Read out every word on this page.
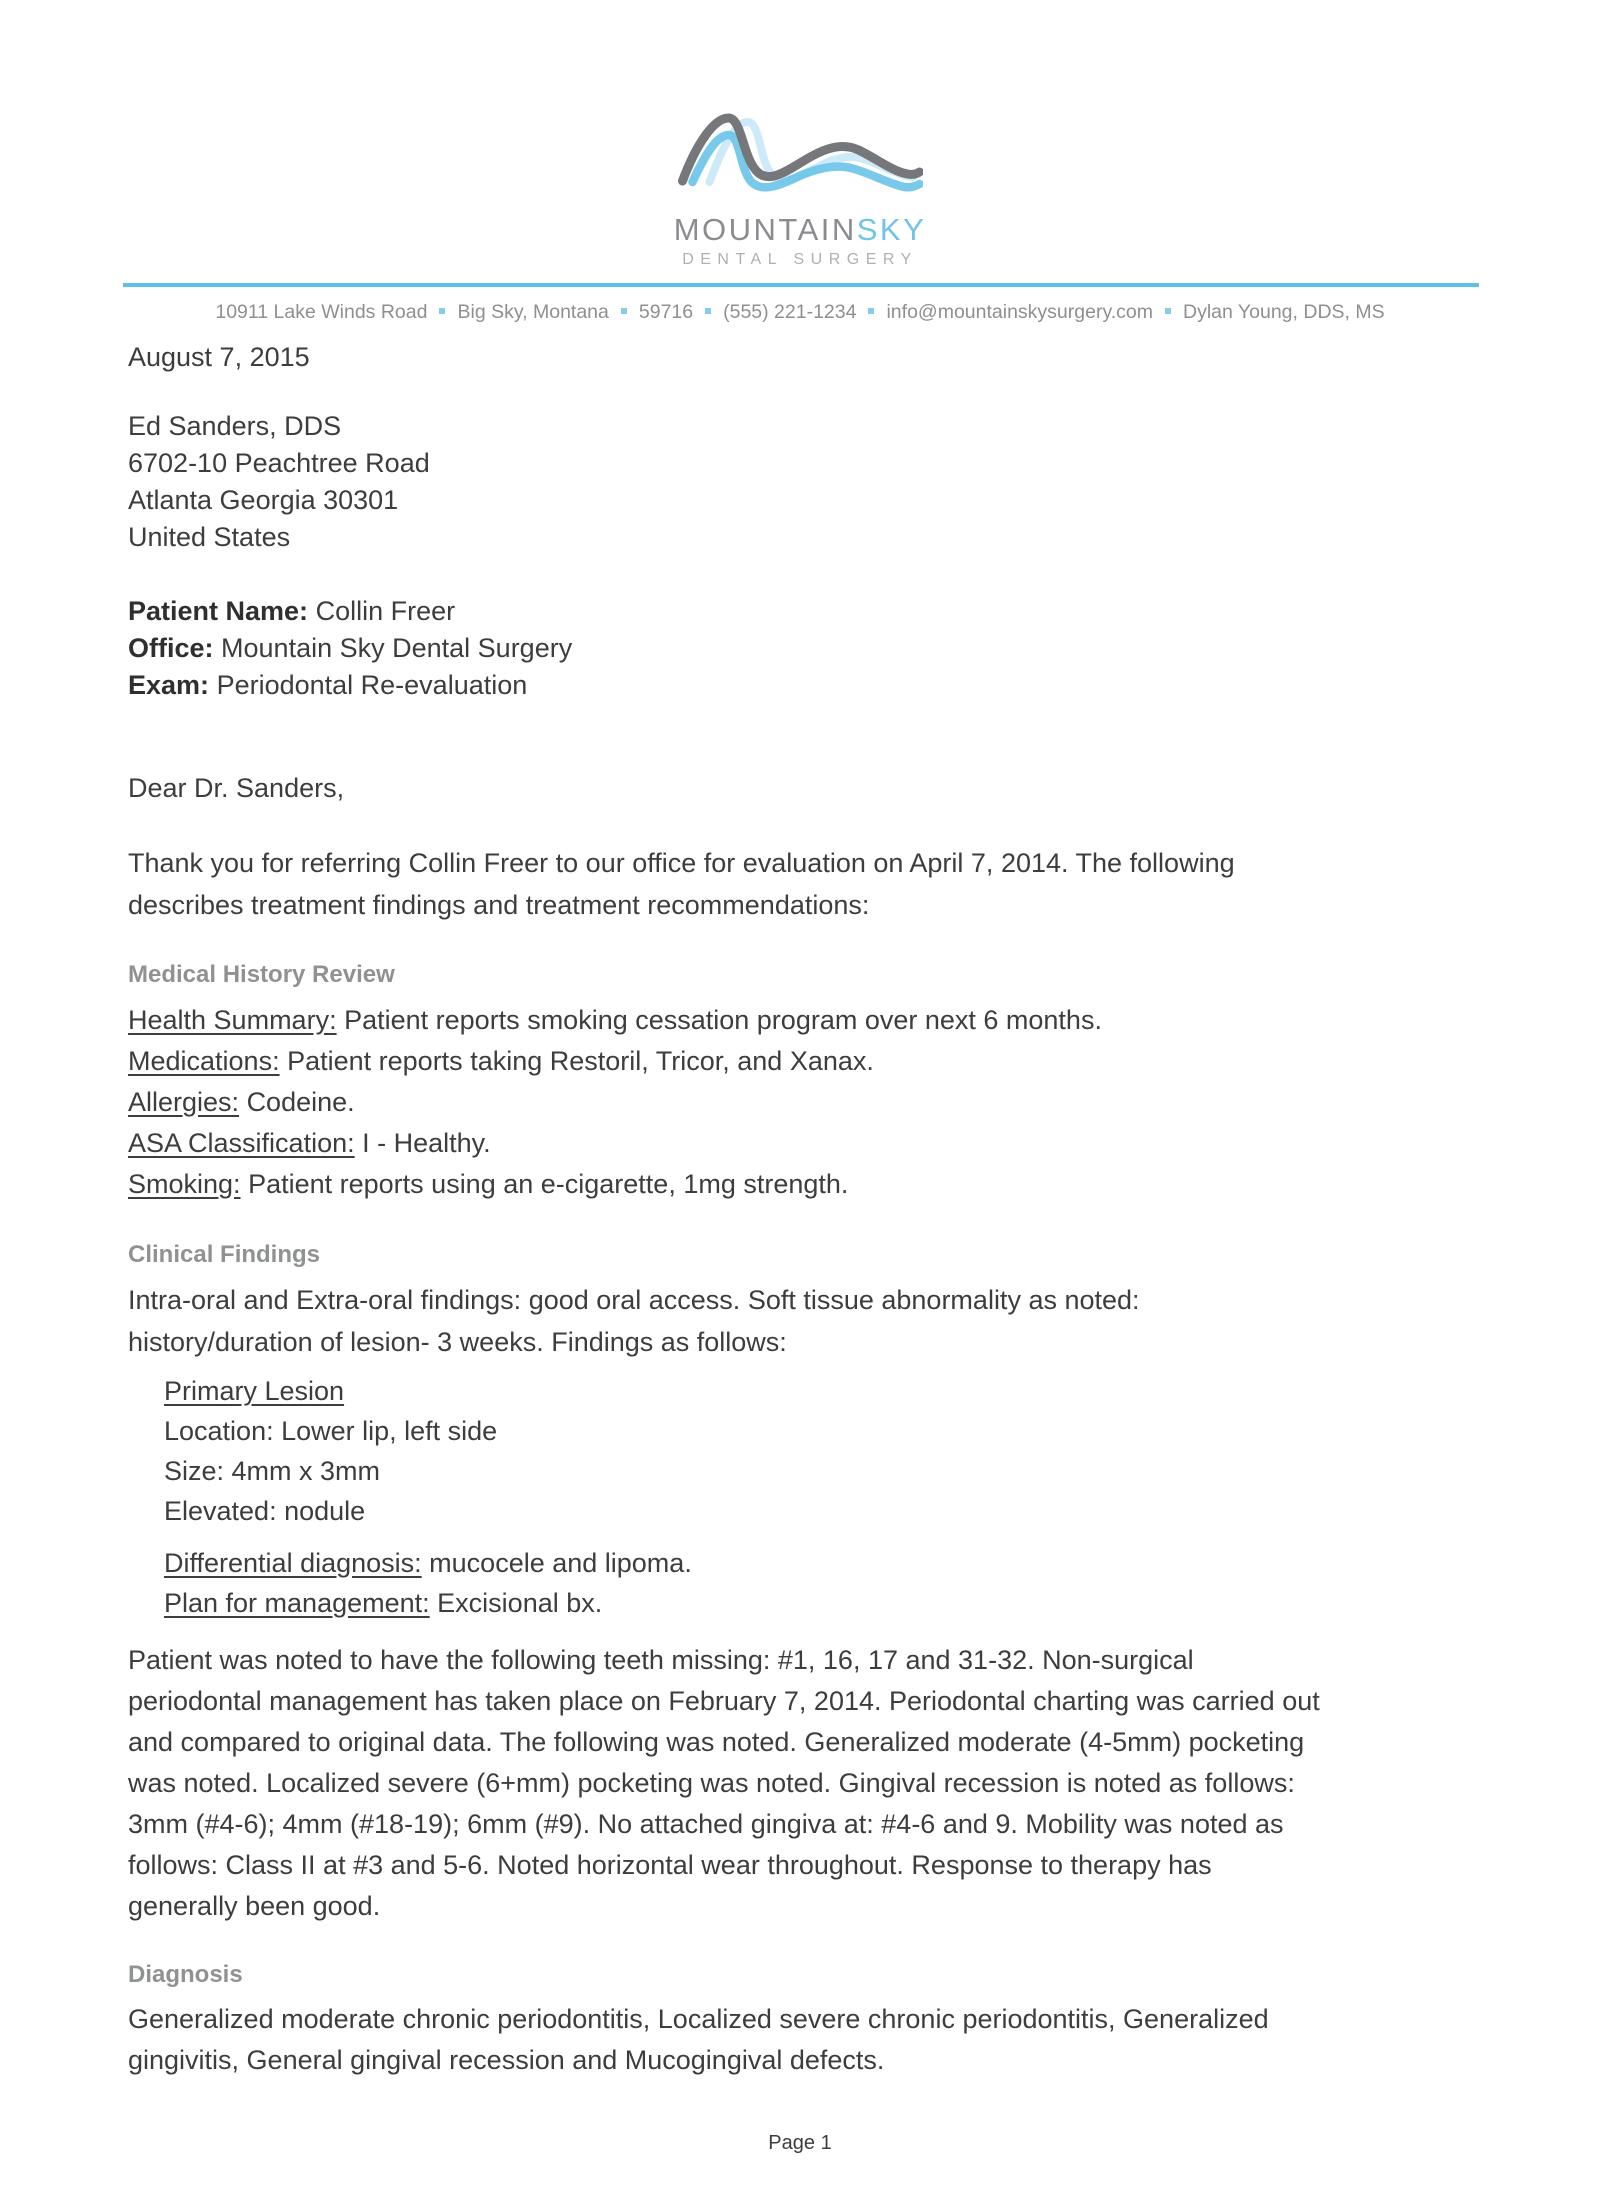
MOUNTAINSKY
DENTAL SURGERY
10911 Lake Winds Road Big Sky, Montana 59716 (555) 221-1234 info@mountainskysurgery.com Dylan Young, DDS, MS
August 7, 2015
Ed Sanders, DDS
6702-10 Peachtree Road
Atlanta Georgia 30301
United States
Patient Name: Collin Freer
Office: Mountain Sky Dental Surgery
Exam: Periodontal Re-evaluation
Dear Dr. Sanders,
Thank you for referring Collin Freer to our office for evaluation on April 7, 2014. The following
describes treatment findings and treatment recommendations:
Medical History Review
Health Summary: Patient reports smoking cessation program over next 6 months.
Medications: Patient reports taking Restoril, Tricor, and Xanax.
Allergies: Codeine.
ASA Classification: I - Healthy.
Smoking: Patient reports using an e-cigarette, 1mg strength.
Clinical Findings
Intra-oral and Extra-oral findings: good oral access. Soft tissue abnormality as noted:
history/duration of lesion- 3 weeks. Findings as follows:
Primary Lesion
Location: Lower lip, left side
Size: 4mm x 3mm
Elevated: nodule
Differential diagnosis: mucocele and lipoma.
Plan for management: Excisional bx.
Patient was noted to have the following teeth missing: #1, 16, 17 and 31-32. Non-surgical
periodontal management has taken place on February 7, 2014. Periodontal charting was carried out
and compared to original data. The following was noted. Generalized moderate (4-5mm) pocketing
was noted. Localized severe (6+mm) pocketing was noted. Gingival recession is noted as follows:
3mm (#4-6); 4mm (#18-19); 6mm (#9). No attached gingiva at: #4-6 and 9. Mobility was noted as
follows: Class II at #3 and 5-6. Noted horizontal wear throughout. Response to therapy has
generally been good.
Diagnosis
Generalized moderate chronic periodontitis, Localized severe chronic periodontitis, Generalized
gingivitis, General gingival recession and Mucogingival defects.
Page 1
